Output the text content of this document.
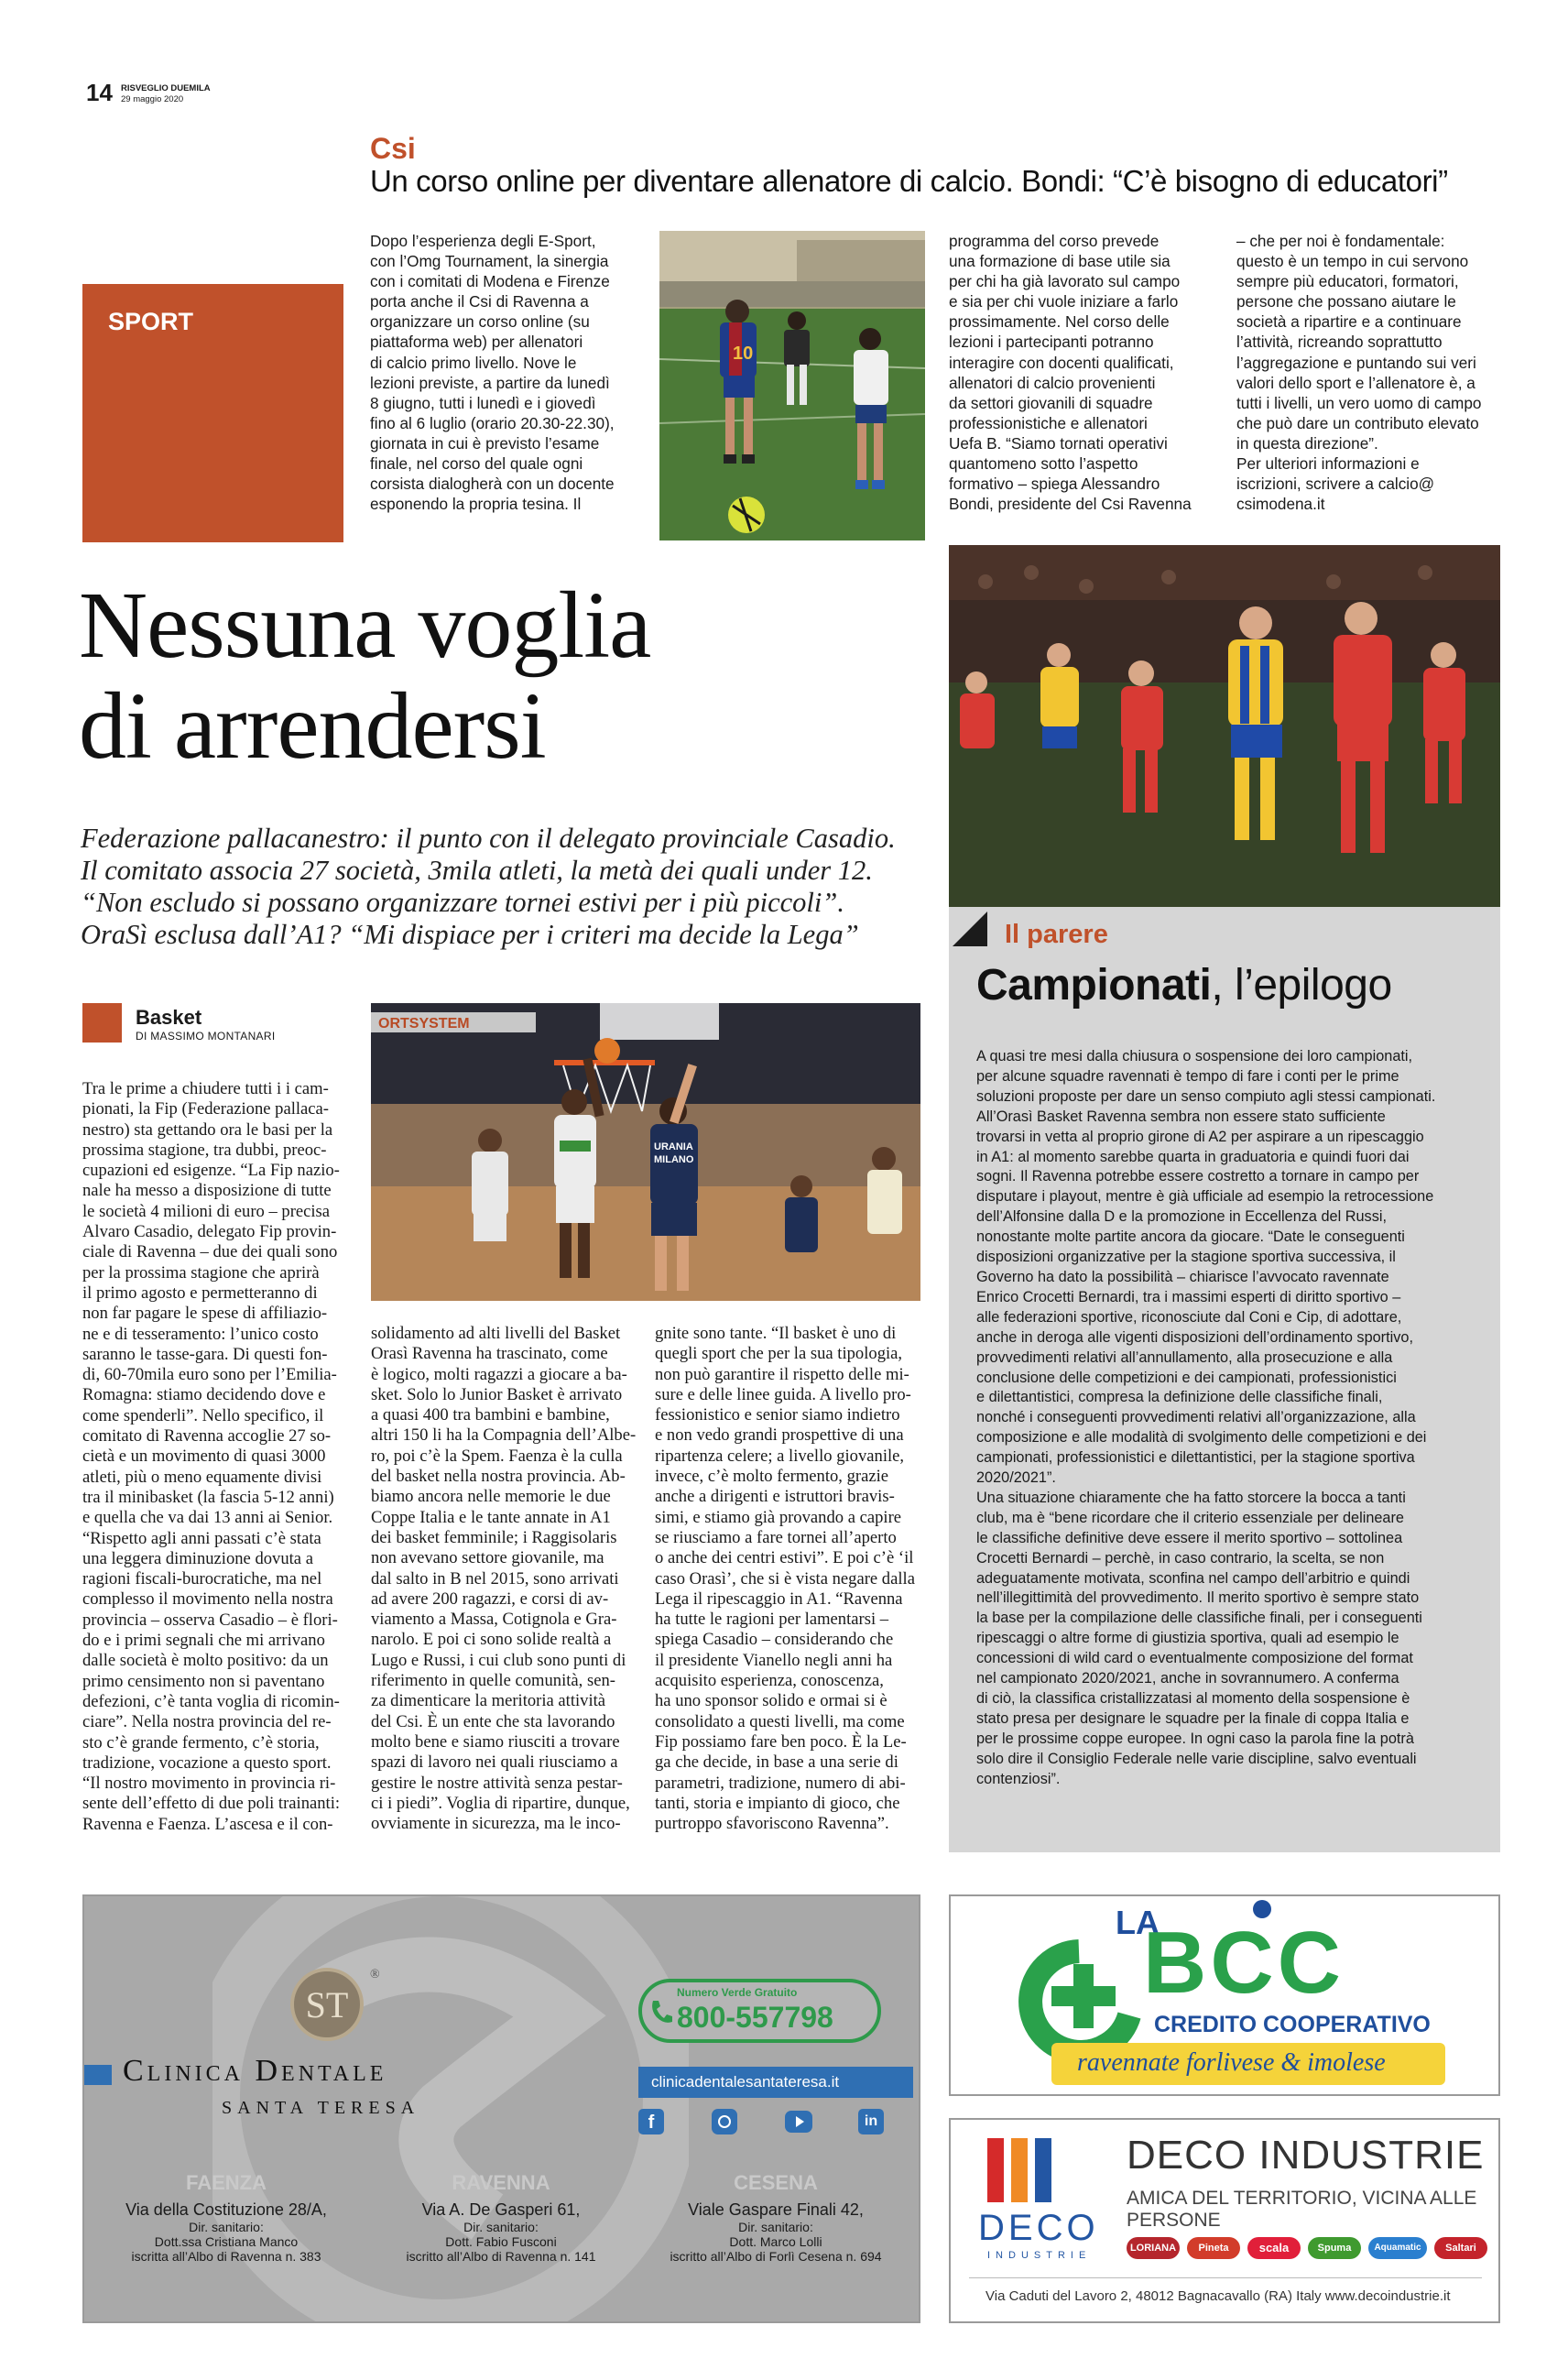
14 RISVEGLIO DUEMILA
29 maggio 2020
SPORT
Csi
Un corso online per diventare allenatore di calcio. Bondi: “C’è bisogno di educatori”
Dopo l’esperienza degli E-Sport,
con l’Omg Tournament, la sinergia
con i comitati di Modena e Firenze
porta anche il Csi di Ravenna a
organizzare un corso online (su
piattaforma web) per allenatori
di calcio primo livello. Nove le
lezioni previste, a partire da lunedì
8 giugno, tutti i lunedì e i giovedì
fino al 6 luglio (orario 20.30-22.30),
giornata in cui è previsto l’esame
finale, nel corso del quale ogni
corsista dialogherà con un docente
esponendo la propria tesina. Il
10
programma del corso prevede
una formazione di base utile sia
per chi ha già lavorato sul campo
e sia per chi vuole iniziare a farlo
prossimamente. Nel corso delle
lezioni i partecipanti potranno
interagire con docenti qualificati,
allenatori di calcio provenienti
da settori giovanili di squadre
professionistiche e allenatori
Uefa B. “Siamo tornati operativi
quantomeno sotto l’aspetto
formativo – spiega Alessandro
Bondi, presidente del Csi Ravenna
– che per noi è fondamentale:
questo è un tempo in cui servono
sempre più educatori, formatori,
persone che possano aiutare le
società a ripartire e a continuare
l’attività, ricreando soprattutto
l’aggregazione e puntando sui veri
valori dello sport e l’allenatore è, a
tutti i livelli, un vero uomo di campo
che può dare un contributo elevato
in questa direzione”.
Per ulteriori informazioni e
iscrizioni, scrivere a calcio@
csimodena.it
Nessuna voglia
di arrendersi
Federazione pallacanestro: il punto con il delegato provinciale Casadio.
Il comitato associa 27 società, 3mila atleti, la metà dei quali under 12.
“Non escludo si possano organizzare tornei estivi per i più piccoli”.
OraSì esclusa dall’A1? “Mi dispiace per i criteri ma decide la Lega”
Basket
DI MASSIMO MONTANARI
Tra le prime a chiudere tutti i i cam-
pionati, la Fip (Federazione pallaca-
nestro) sta gettando ora le basi per la
prossima stagione, tra dubbi, preoc-
cupazioni ed esigenze. “La Fip nazio-
nale ha messo a disposizione di tutte
le società 4 milioni di euro – precisa
Alvaro Casadio, delegato Fip provin-
ciale di Ravenna – due dei quali sono
per la prossima stagione che aprirà
il primo agosto e permetteranno di
non far pagare le spese di affiliazio-
ne e di tesseramento: l’unico costo
saranno le tasse-gara. Di questi fon-
di, 60-70mila euro sono per l’Emilia-
Romagna: stiamo decidendo dove e
come spenderli”. Nello specifico, il
comitato di Ravenna accoglie 27 so-
cietà e un movimento di quasi 3000
atleti, più o meno equamente divisi
tra il minibasket (la fascia 5-12 anni)
e quella che va dai 13 anni ai Senior.
“Rispetto agli anni passati c’è stata
una leggera diminuzione dovuta a
ragioni fiscali-burocratiche, ma nel
complesso il movimento nella nostra
provincia – osserva Casadio – è flori-
do e i primi segnali che mi arrivano
dalle società è molto positivo: da un
primo censimento non si paventano
defezioni, c’è tanta voglia di ricomin-
ciare”. Nella nostra provincia del re-
sto c’è grande fermento, c’è storia,
tradizione, vocazione a questo sport.
“Il nostro movimento in provincia ri-
sente dell’effetto di due poli trainanti:
Ravenna e Faenza. L’ascesa e il con-
ORTSYSTEM
URANIA MILANO
solidamento ad alti livelli del Basket
Orasì Ravenna ha trascinato, come
è logico, molti ragazzi a giocare a ba-
sket. Solo lo Junior Basket è arrivato
a quasi 400 tra bambini e bambine,
altri 150 li ha la Compagnia dell’Albe-
ro, poi c’è la Spem. Faenza è la culla
del basket nella nostra provincia. Ab-
biamo ancora nelle memorie le due
Coppe Italia e le tante annate in A1
dei basket femminile; i Raggisolaris
non avevano settore giovanile, ma
dal salto in B nel 2015, sono arrivati
ad avere 200 ragazzi, e corsi di av-
viamento a Massa, Cotignola e Gra-
narolo. E poi ci sono solide realtà a
Lugo e Russi, i cui club sono punti di
riferimento in quelle comunità, sen-
za dimenticare la meritoria attività
del Csi. È un ente che sta lavorando
molto bene e siamo riusciti a trovare
spazi di lavoro nei quali riusciamo a
gestire le nostre attività senza pestar-
ci i piedi”. Voglia di ripartire, dunque,
ovviamente in sicurezza, ma le inco-
gnite sono tante. “Il basket è uno di
quegli sport che per la sua tipologia,
non può garantire il rispetto delle mi-
sure e delle linee guida. A livello pro-
fessionistico e senior siamo indietro
e non vedo grandi prospettive di una
ripartenza celere; a livello giovanile,
invece, c’è molto fermento, grazie
anche a dirigenti e istruttori bravis-
simi, e stiamo già provando a capire
se riusciamo a fare tornei all’aperto
o anche dei centri estivi”. E poi c’è ‘il
caso Orasì’, che si è vista negare dalla
Lega il ripescaggio in A1. “Ravenna
ha tutte le ragioni per lamentarsi –
spiega Casadio – considerando che
il presidente Vianello negli anni ha
acquisito esperienza, conoscenza,
ha uno sponsor solido e ormai si è
consolidato a questi livelli, ma come
Fip possiamo fare ben poco. È la Le-
ga che decide, in base a una serie di
parametri, tradizione, numero di abi-
tanti, storia e impianto di gioco, che
purtroppo sfavoriscono Ravenna”.
Il parere
Campionati, l’epilogo
A quasi tre mesi dalla chiusura o sospensione dei loro campionati,
per alcune squadre ravennati è tempo di fare i conti per le prime
soluzioni proposte per dare un senso compiuto agli stessi campionati.
All’Orasì Basket Ravenna sembra non essere stato sufficiente
trovarsi in vetta al proprio girone di A2 per aspirare a un ripescaggio
in A1: al momento sarebbe quarta in graduatoria e quindi fuori dai
sogni. Il Ravenna potrebbe essere costretto a tornare in campo per
disputare i playout, mentre è già ufficiale ad esempio la retrocessione
dell’Alfonsine dalla D e la promozione in Eccellenza del Russi,
nonostante molte partite ancora da giocare. “Date le conseguenti
disposizioni organizzative per la stagione sportiva successiva, il
Governo ha dato la possibilità – chiarisce l’avvocato ravennate
Enrico Crocetti Bernardi, tra i massimi esperti di diritto sportivo –
alle federazioni sportive, riconosciute dal Coni e Cip, di adottare,
anche in deroga alle vigenti disposizioni dell’ordinamento sportivo,
provvedimenti relativi all’annullamento, alla prosecuzione e alla
conclusione delle competizioni e dei campionati, professionistici
e dilettantistici, compresa la definizione delle classifiche finali,
nonché i conseguenti provvedimenti relativi all’organizzazione, alla
composizione e alle modalità di svolgimento delle competizioni e dei
campionati, professionistici e dilettantistici, per la stagione sportiva
2020/2021”.
Una situazione chiaramente che ha fatto storcere la bocca a tanti
club, ma è “bene ricordare che il criterio essenziale per delineare
le classifiche definitive deve essere il merito sportivo – sottolinea
Crocetti Bernardi – perchè, in caso contrario, la scelta, se non
adeguatamente motivata, sconfina nel campo dell’arbitrio e quindi
nell’illegittimità del provvedimento. Il merito sportivo è sempre stato
la base per la compilazione delle classifiche finali, per i conseguenti
ripescaggi o altre forme di giustizia sportiva, quali ad esempio le
concessioni di wild card o eventualmente composizione del format
nel campionato 2020/2021, anche in sovrannumero. A conferma
di ciò, la classifica cristallizzatasi al momento della sospensione è
stato presa per designare le squadre per la finale di coppa Italia e
per le prossime coppe europee. In ogni caso la parola fine la potrà
solo dire il Consiglio Federale nelle varie discipline, salvo eventuali
contenziosi”.
ST
®
Clinica Dentale
SANTA TERESA
Numero Verde Gratuito
800-557798
clinicadentalesantateresa.it
f	in
FAENZA
Via della Costituzione 28/A,
Dir. sanitario:
Dott.ssa Cristiana Manco
iscritta all’Albo di Ravenna n. 383
RAVENNA
Via A. De Gasperi 61,
Dir. sanitario:
Dott. Fabio Fusconi
iscritto all’Albo di Ravenna n. 141
CESENA
Viale Gaspare Finali 42,
Dir. sanitario:
Dott. Marco Lolli
iscritto all’Albo di Forlì Cesena n. 694
LA
BCC
CREDITO COOPERATIVO
ravennate forlivese & imolese
DECO
INDUSTRIE
DECO INDUSTRIE
AMICA DEL TERRITORIO, VICINA ALLE PERSONE
LORIANA	Pineta	scala	Spuma	Aquamatic	Saltari
Via Caduti del Lavoro 2, 48012 Bagnacavallo (RA) Italy www.decoindustrie.it
